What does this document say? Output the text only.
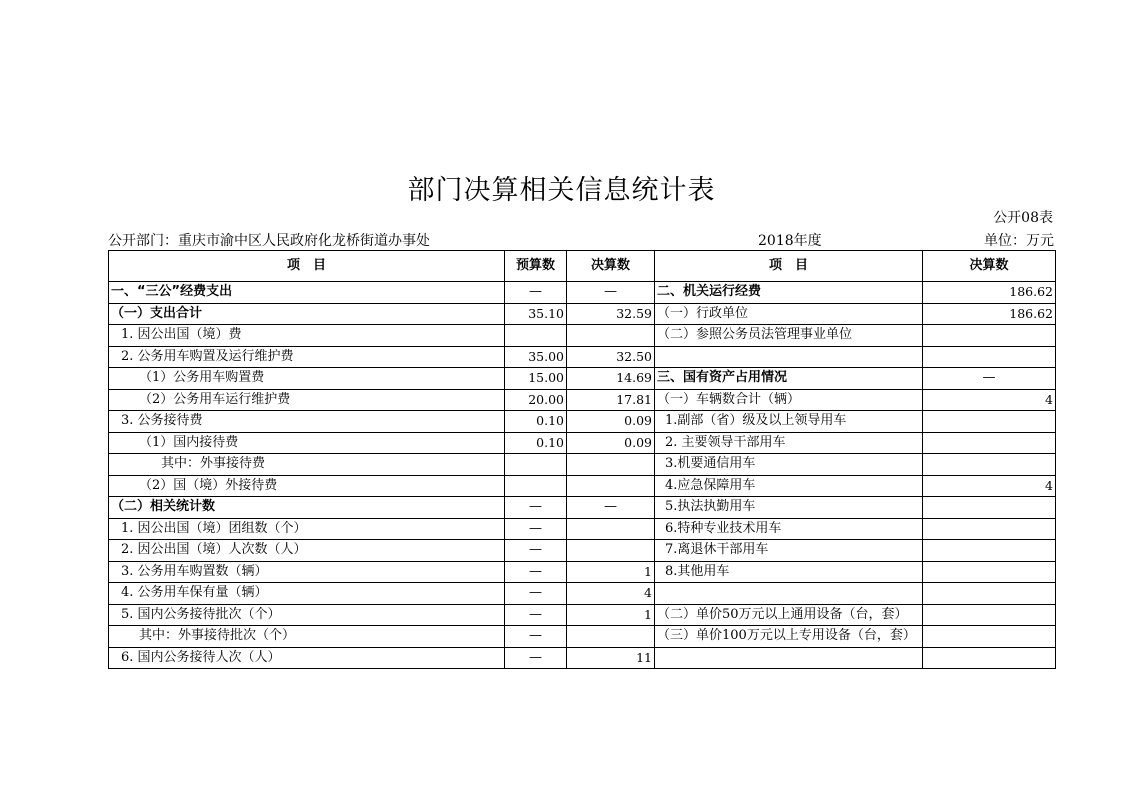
部门决算相关信息统计表
公开08表
公开部门：重庆市渝中区人民政府化龙桥街道办事处	2018年度	单位：万元
项　目	预算数	决算数	项　目	决算数
一、“三公”经费支出	—	—	二、机关运行经费	186.62
（一）支出合计	35.10	32.59	（一）行政单位	186.62
1. 因公出国（境）费			（二）参照公务员法管理事业单位	
2. 公务用车购置及运行维护费	35.00	32.50		
（1）公务用车购置费	15.00	14.69	三、国有资产占用情况	—
（2）公务用车运行维护费	20.00	17.81	（一）车辆数合计（辆）	4
3. 公务接待费	0.10	0.09	1.副部（省）级及以上领导用车	
（1）国内接待费	0.10	0.09	2. 主要领导干部用车	
其中：外事接待费			3.机要通信用车	
（2）国（境）外接待费			4.应急保障用车	4
（二）相关统计数	—	—	5.执法执勤用车	
1. 因公出国（境）团组数（个）	—		6.特种专业技术用车	
2. 因公出国（境）人次数（人）	—		7.离退休干部用车	
3. 公务用车购置数（辆）	—	1	8.其他用车	
4. 公务用车保有量（辆）	—	4		
5. 国内公务接待批次（个）	—	1	（二）单价50万元以上通用设备（台，套）	
其中：外事接待批次（个）	—		（三）单价100万元以上专用设备（台，套）	
6. 国内公务接待人次（人）	—	11		
